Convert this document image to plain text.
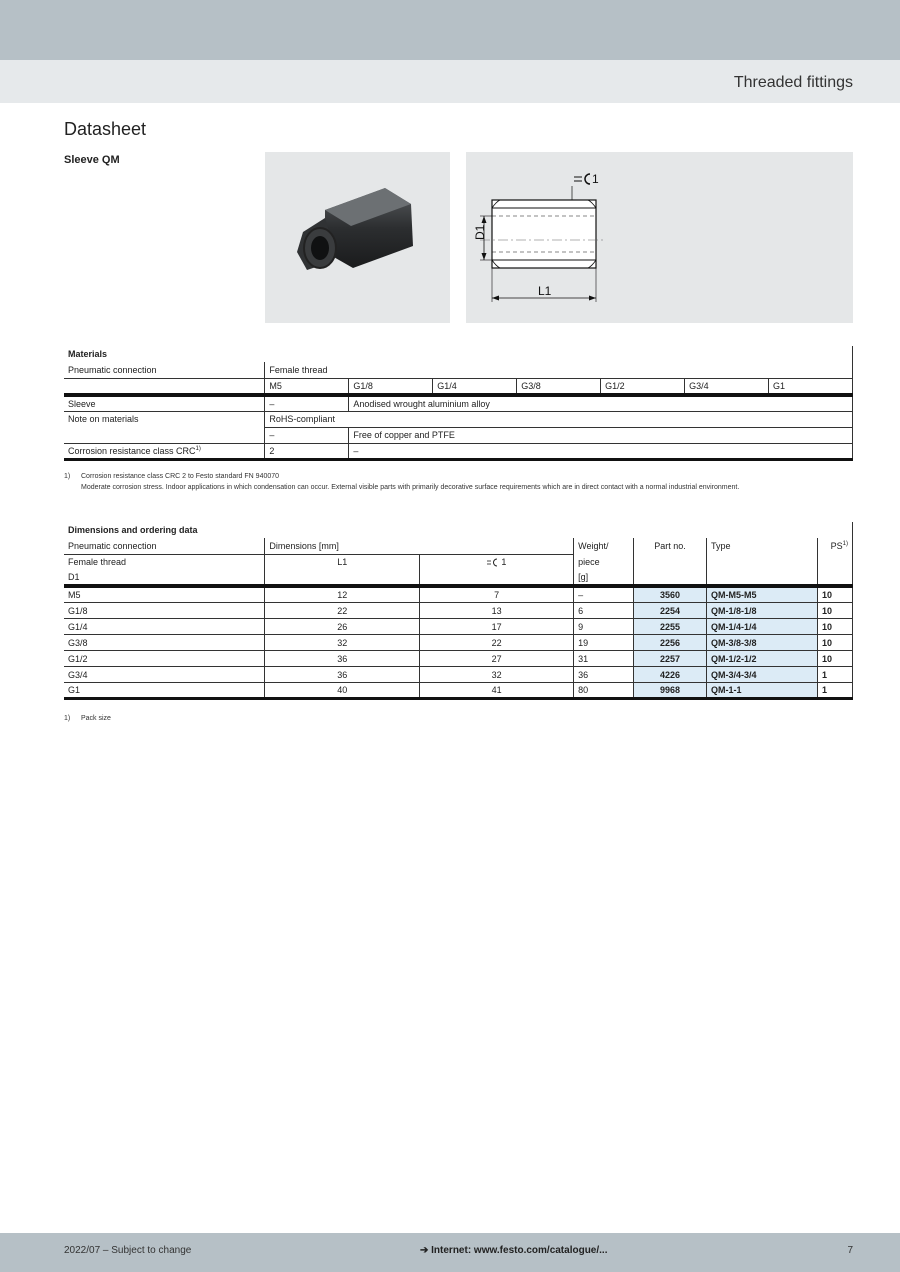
Threaded fittings
Datasheet
Sleeve QM
1
D1
L1
Materials							
Pneumatic connection	Female thread						
	M5	G1/8	G1/4	G3/8	G1/2	G3/4	G1
Sleeve	–	Anodised wrought aluminium alloy					
Note on materials	RoHS-compliant						
	–	Free of copper and PTFE					
Corrosion resistance class CRC$^{1)}$	2	–					
1) Corrosion resistance class CRC 2 to Festo standard FN 940070
Moderate corrosion stress. Indoor applications in which condensation can occur. External visible parts with primarily decorative surface requirements which are in direct contact with a normal industrial environment.
Dimensions and ordering data						
Pneumatic connection	Dimensions [mm]		Weight/	Part no.	Type	PS$^{1)}$
Female thread	L1	1	piece			
D1			[g]			
M5	12	7	–	3560	QM-M5-M5	10
G1/8	22	13	6	2254	QM-1/8-1/8	10
G1/4	26	17	9	2255	QM-1/4-1/4	10
G3/8	32	22	19	2256	QM-3/8-3/8	10
G1/2	36	27	31	2257	QM-1/2-1/2	10
G3/4	36	32	36	4226	QM-3/4-3/4	1
G1	40	41	80	9968	QM-1-1	1
1) Pack size
2022/07 – Subject to change	➔ Internet: www.festo.com/catalogue/...	7
